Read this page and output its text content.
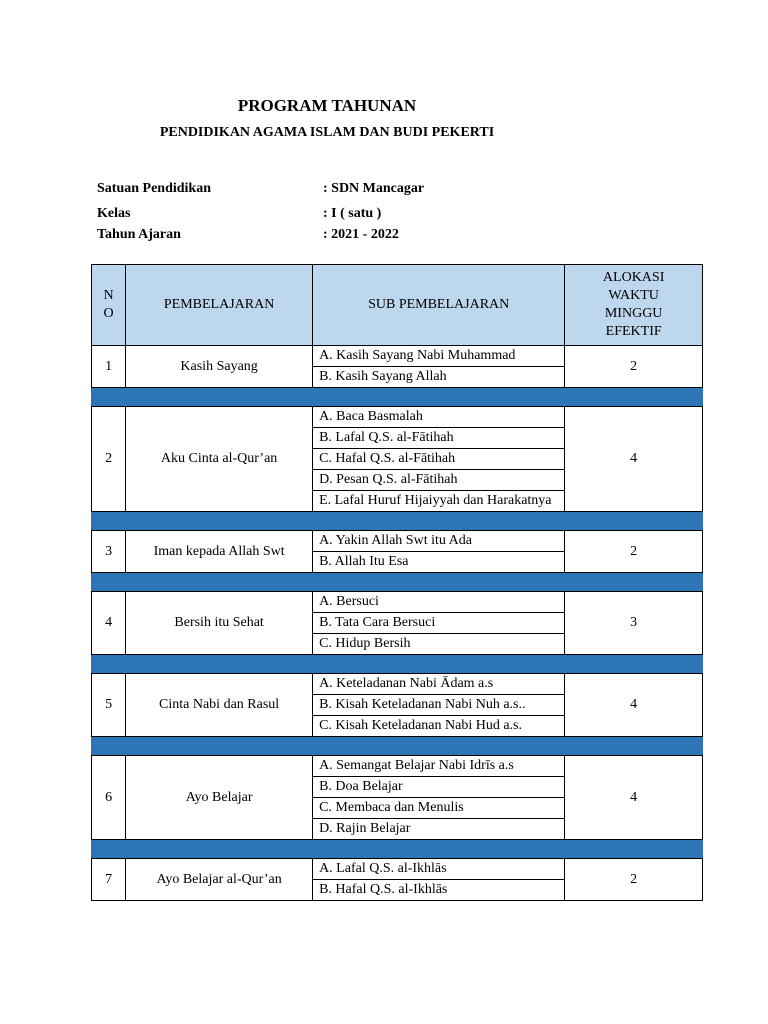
PROGRAM TAHUNAN
PENDIDIKAN AGAMA ISLAM DAN BUDI PEKERTI
Satuan Pendidikan	: SDN Mancagar
Kelas	: I ( satu )
Tahun Ajaran	: 2021 - 2022
N O	PEMBELAJARAN	SUB PEMBELAJARAN	ALOKASI WAKTU MINGGU EFEKTIF
1	Kasih Sayang	A. Kasih Sayang Nabi Muhammad
B. Kasih Sayang Allah	2

2	Aku Cinta al-Qur’an	A. Baca Basmalah
B. Lafal Q.S. al-Fātihah
C. Hafal Q.S. al-Fātihah
D. Pesan Q.S. al-Fātihah
E. Lafal Huruf Hijaiyyah dan Harakatnya	4

3	Iman kepada Allah Swt	A. Yakin Allah Swt itu Ada
B. Allah Itu Esa	2

4	Bersih itu Sehat	A. Bersuci
B. Tata Cara Bersuci
C. Hidup Bersih	3

5	Cinta Nabi dan Rasul	A. Keteladanan Nabi Ādam a.s
B. Kisah Keteladanan Nabi Nuh a.s..
C. Kisah Keteladanan Nabi Hud a.s.	4

6	Ayo Belajar	A. Semangat Belajar Nabi Idrīs a.s
B. Doa Belajar
C. Membaca dan Menulis
D. Rajin Belajar	4

7	Ayo Belajar al-Qur’an	A. Lafal Q.S. al-Ikhlās
B. Hafal Q.S. al-Ikhlās	2
